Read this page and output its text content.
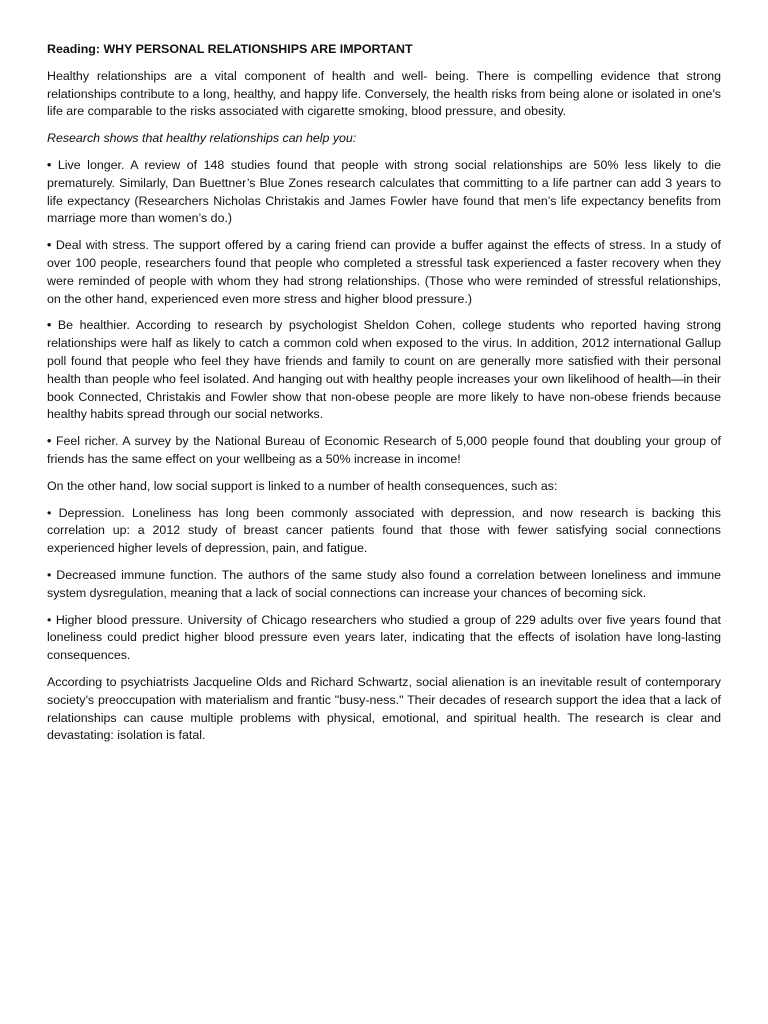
Reading: WHY PERSONAL RELATIONSHIPS ARE IMPORTANT

Healthy relationships are a vital component of health and well- being. There is compelling evidence that strong relationships contribute to a long, healthy, and happy life. Conversely, the health risks from being alone or isolated in one's life are comparable to the risks associated with cigarette smoking, blood pressure, and obesity.

Research shows that healthy relationships can help you:

• Live longer. A review of 148 studies found that people with strong social relationships are 50% less likely to die prematurely. Similarly, Dan Buettner’s Blue Zones research calculates that committing to a life partner can add 3 years to life expectancy (Researchers Nicholas Christakis and James Fowler have found that men’s life expectancy benefits from marriage more than women’s do.)

• Deal with stress. The support offered by a caring friend can provide a buffer against the effects of stress. In a study of over 100 people, researchers found that people who completed a stressful task experienced a faster recovery when they were reminded of people with whom they had strong relationships. (Those who were reminded of stressful relationships, on the other hand, experienced even more stress and higher blood pressure.)

• Be healthier. According to research by psychologist Sheldon Cohen, college students who reported having strong relationships were half as likely to catch a common cold when exposed to the virus. In addition, 2012 international Gallup poll found that people who feel they have friends and family to count on are generally more satisfied with their personal health than people who feel isolated. And hanging out with healthy people increases your own likelihood of health—in their book Connected, Christakis and Fowler show that non-obese people are more likely to have non-obese friends because healthy habits spread through our social networks.

• Feel richer. A survey by the National Bureau of Economic Research of 5,000 people found that doubling your group of friends has the same effect on your wellbeing as a 50% increase in income!

On the other hand, low social support is linked to a number of health consequences, such as:

• Depression. Loneliness has long been commonly associated with depression, and now research is backing this correlation up: a 2012 study of breast cancer patients found that those with fewer satisfying social connections experienced higher levels of depression, pain, and fatigue.

• Decreased immune function. The authors of the same study also found a correlation between loneliness and immune system dysregulation, meaning that a lack of social connections can increase your chances of becoming sick.

• Higher blood pressure. University of Chicago researchers who studied a group of 229 adults over five years found that loneliness could predict higher blood pressure even years later, indicating that the effects of isolation have long-lasting consequences.

According to psychiatrists Jacqueline Olds and Richard Schwartz, social alienation is an inevitable result of contemporary society's preoccupation with materialism and frantic "busy-ness." Their decades of research support the idea that a lack of relationships can cause multiple problems with physical, emotional, and spiritual health. The research is clear and devastating: isolation is fatal.
